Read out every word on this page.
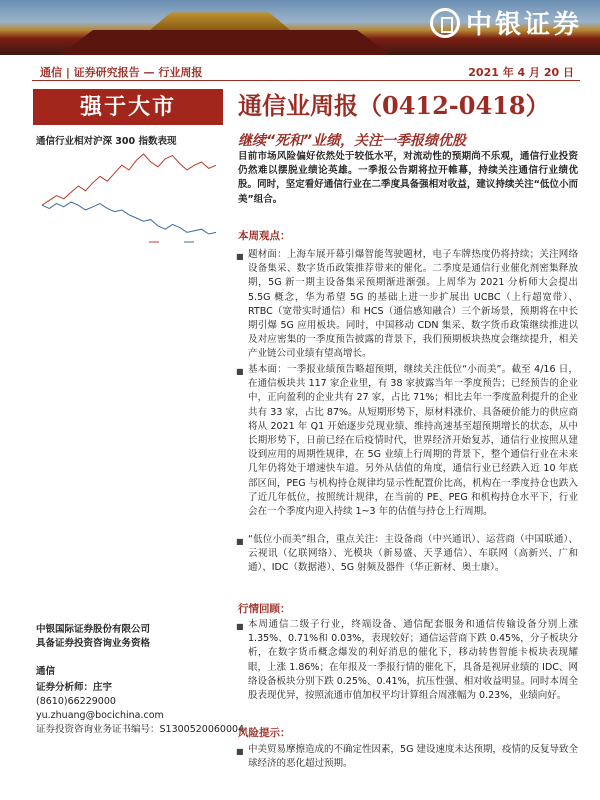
中银证券
通信 | 证券研究报告 — 行业周报	2021 年 4 月 20 日
强于大市	通信业周报（0412-0418）
继续“死和”业绩，关注一季报绩优股
通信行业相对沪深 300 指数表现
目前市场风险偏好依然处于较低水平，对流动性的预期尚不乐观，通信行业投资仍然难以摆脱业绩论英雄。一季报公告期将拉开帷幕，持续关注通信行业绩优股。同时，坚定看好通信行业在二季度具备强相对收益，建议持续关注“低位小而美”组合。
本周观点：
■ 题材面：上海车展开幕引爆智能驾驶题材，电子车牌热度仍将持续；关注网络设备集采、数字货币政策推荐带来的催化。二季度是通信行业催化剂密集释放期，5G 新一期主设备集采预期渐进渐强。上周华为 2021 分析师大会提出 5.5G 概念，华为希望 5G 的基础上进一步扩展出 UCBC（上行超宽带）、RTBC（宽带实时通信）和 HCS（通信感知融合）三个新场景，预期将在中长期引爆 5G 应用板块。同时，中国移动 CDN 集采、数字货币政策继续推进以及对应密集的一季度预告披露的背景下，我们预期板块热度会继续提升，相关产业链公司业绩有望高增长。
■ 基本面：一季报业绩预告略超预期，继续关注低位“小而美”。截至 4/16 日，在通信板块共 117 家企业里，有 38 家披露当年一季度预告；已经预告的企业中，正向盈利的企业共有 27 家，占比 71%；相比去年一季度盈利提升的企业共有 33 家，占比 87%。从短期形势下，原材料涨价、具备硬价能力的供应商将从 2021 年 Q1 开始逐步兑现业绩、维持高速基至超预期增长的状态，从中长期形势下，日前已经在后疫情时代，世界经济开始复苏，通信行业按照从建设到应用的周期性规律，在 5G 业绩上行周期的背景下，整个通信行业在未来几年仍将处于增速快车道。另外从估值的角度，通信行业已经跌入近 10 年底部区间，PEG 与机构持仓规律均显示性配置价比高，机构在一季度持仓也跌入了近几年低位，按照统计规律，在当前的 PE、PEG 和机构持仓水平下，行业会在一个季度内迎入持续 1~3 年的估值与持仓上行周期。
■ “低位小而美”组合，重点关注：主设备商（中兴通讯）、运营商（中国联通）、云视讯（亿联网络）、光模块（新易盛、天孚通信）、车联网（高新兴、广和通）、IDC（数据港）、5G 射频及器件（华正新材、奥士康）。
行情回顾：
■ 本周通信二级子行业，终端设备、通信配套服务和通信传输设备分别上涨 1.35%、0.71%和 0.03%，表现较好；通信运营商下跌 0.45%，分子板块分析，在数字货币概念爆发的利好消息的催化下，移动转售智能卡板块表现耀眼，上涨 1.86%；在年报及一季报行情的催化下，具备是视屏业绩的 IDC、网络设备板块分别下跌 0.25%、0.41%，抗压性强、相对收益明显。同时本周全股表现优异，按照流通市值加权平均计算组合周涨幅为 0.23%，业绩向好。
风险提示：
■ 中美贸易摩擦造成的不确定性因素，5G 建设速度未达预期，疫情的反复导致全球经济的恶化超过预期。
中银国际证券股份有限公司
具备证券投资咨询业务资格
通信
证券分析师：庄宇
(8610)66229000
yu.zhuang@bocichina.com
证券投资咨询业务证书编号：S1300520060004
